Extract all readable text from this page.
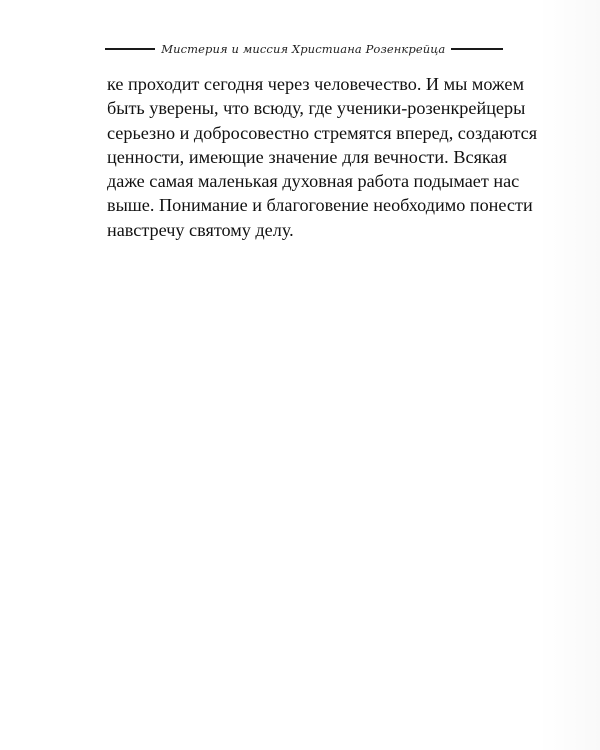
Мистерия и миссия Христиана Розенкрейца
ке проходит сегодня через человечество. И мы можем
быть уверены, что всюду, где ученики-розенкрейцеры
серьезно и добросовестно стремятся вперед, создаются
ценности, имеющие значение для вечности. Всякая
даже самая маленькая духовная работа подымает нас
выше. Понимание и благоговение необходимо понести
навстречу святому делу.
